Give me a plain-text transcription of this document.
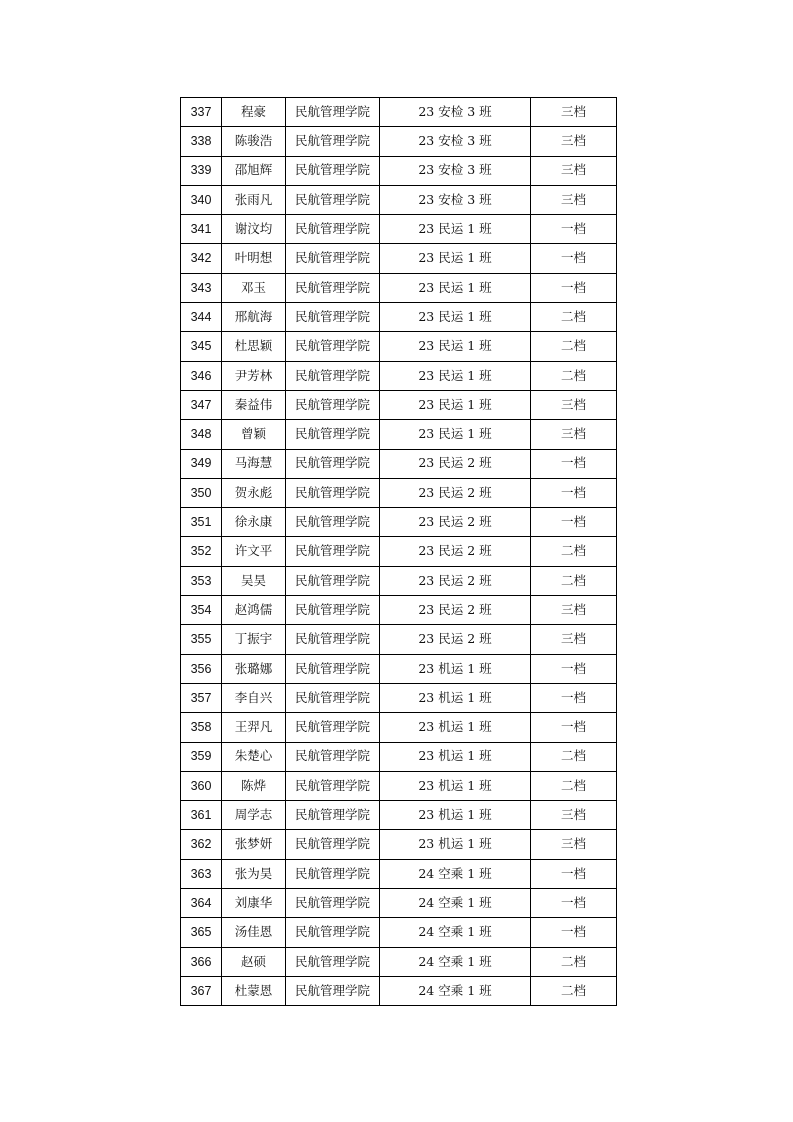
337	程豪	民航管理学院	23 安检 3 班	三档
338	陈骏浩	民航管理学院	23 安检 3 班	三档
339	邵旭辉	民航管理学院	23 安检 3 班	三档
340	张雨凡	民航管理学院	23 安检 3 班	三档
341	谢汶均	民航管理学院	23 民运 1 班	一档
342	叶明想	民航管理学院	23 民运 1 班	一档
343	邓玉	民航管理学院	23 民运 1 班	一档
344	邢航海	民航管理学院	23 民运 1 班	二档
345	杜思颖	民航管理学院	23 民运 1 班	二档
346	尹芳林	民航管理学院	23 民运 1 班	二档
347	秦益伟	民航管理学院	23 民运 1 班	三档
348	曾颖	民航管理学院	23 民运 1 班	三档
349	马海慧	民航管理学院	23 民运 2 班	一档
350	贺永彪	民航管理学院	23 民运 2 班	一档
351	徐永康	民航管理学院	23 民运 2 班	一档
352	许文平	民航管理学院	23 民运 2 班	二档
353	吴昊	民航管理学院	23 民运 2 班	二档
354	赵鸿儒	民航管理学院	23 民运 2 班	三档
355	丁振宇	民航管理学院	23 民运 2 班	三档
356	张璐娜	民航管理学院	23 机运 1 班	一档
357	李自兴	民航管理学院	23 机运 1 班	一档
358	王羿凡	民航管理学院	23 机运 1 班	一档
359	朱楚心	民航管理学院	23 机运 1 班	二档
360	陈烨	民航管理学院	23 机运 1 班	二档
361	周学志	民航管理学院	23 机运 1 班	三档
362	张梦妍	民航管理学院	23 机运 1 班	三档
363	张为昊	民航管理学院	24 空乘 1 班	一档
364	刘康华	民航管理学院	24 空乘 1 班	一档
365	汤佳恩	民航管理学院	24 空乘 1 班	一档
366	赵硕	民航管理学院	24 空乘 1 班	二档
367	杜蒙恩	民航管理学院	24 空乘 1 班	二档
